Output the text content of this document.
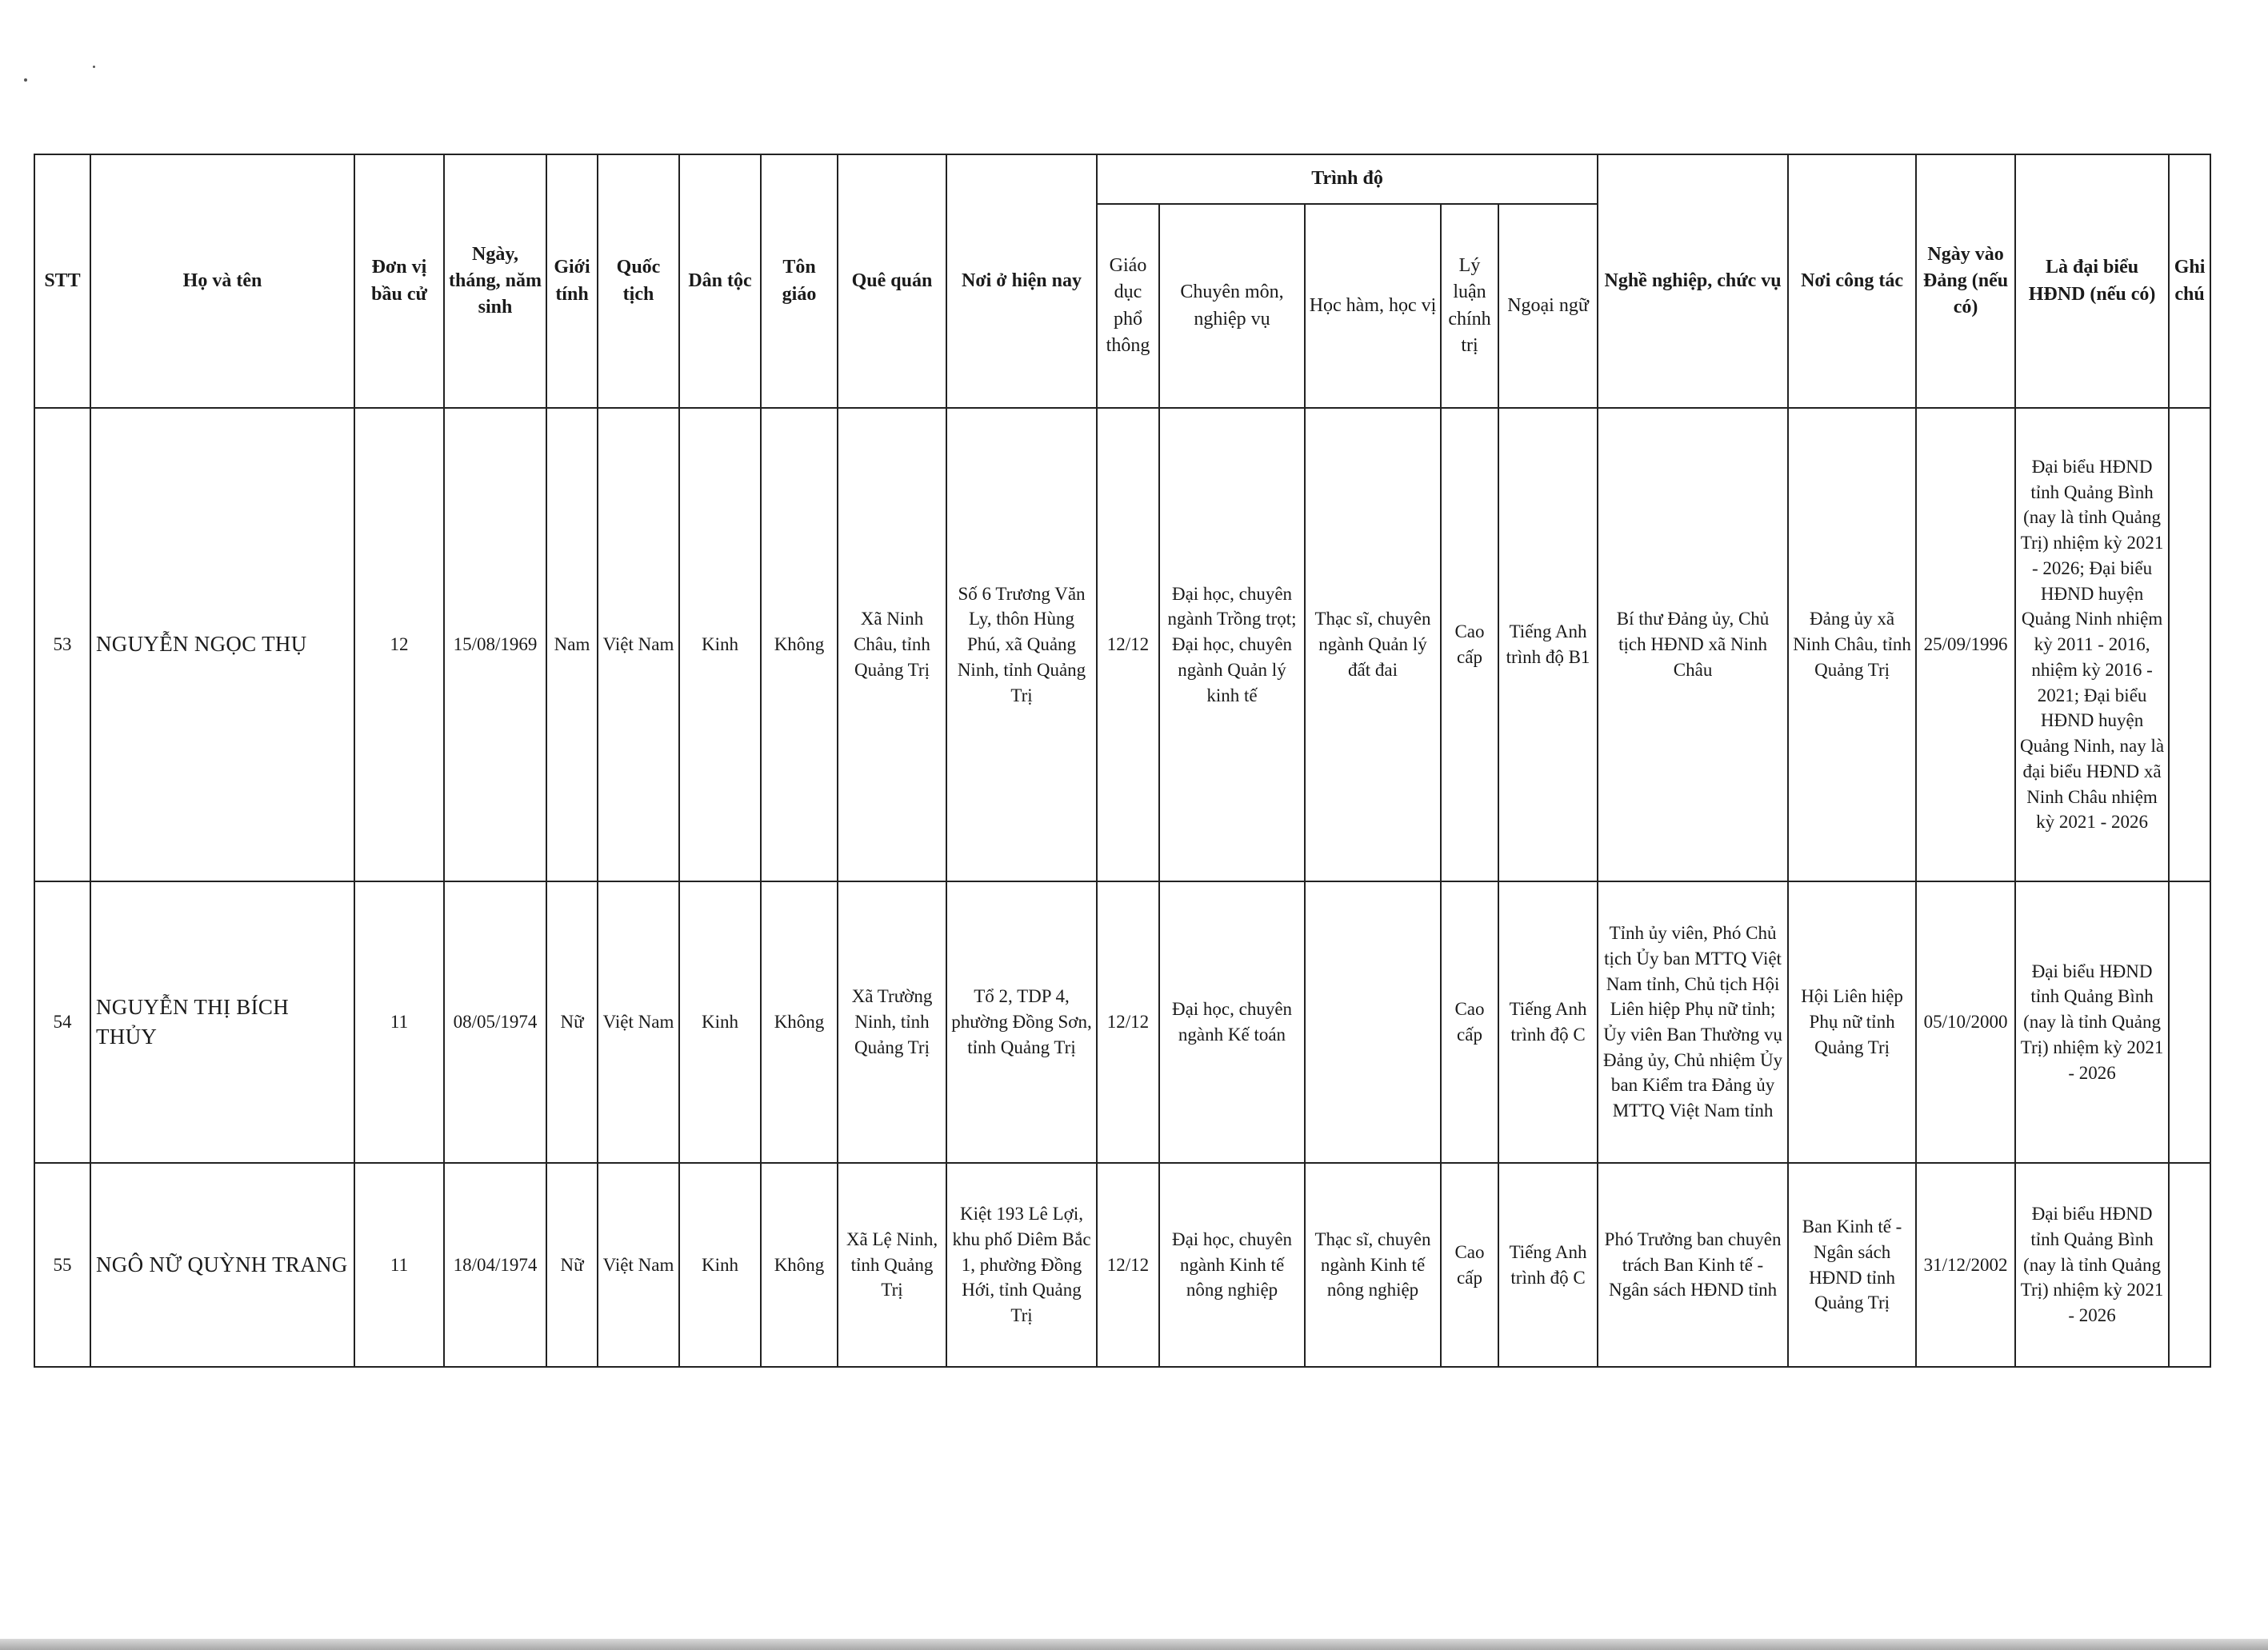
STT	Họ và tên	Đơn vị bầu cử	Ngày, tháng, năm sinh	Giới tính	Quốc tịch	Dân tộc	Tôn giáo	Quê quán	Nơi ở hiện nay	Trình độ					Nghề nghiệp, chức vụ	Nơi công tác	Ngày vào Đảng (nếu có)	Là đại biểu HĐND (nếu có)	Ghi chú
										Giáo dục phổ thông	Chuyên môn, nghiệp vụ	Học hàm, học vị	Lý luận chính trị	Ngoại ngữ					
53	NGUYỄN NGỌC THỤ	12	15/08/1969	Nam	Việt Nam	Kinh	Không	Xã Ninh Châu, tỉnh Quảng Trị	Số 6 Trương Văn Ly, thôn Hùng Phú, xã Quảng Ninh, tỉnh Quảng Trị	12/12	Đại học, chuyên ngành Trồng trọt; Đại học, chuyên ngành Quản lý kinh tế	Thạc sĩ, chuyên ngành Quản lý đất đai	Cao cấp	Tiếng Anh trình độ B1	Bí thư Đảng ủy, Chủ tịch HĐND xã Ninh Châu	Đảng ủy xã Ninh Châu, tỉnh Quảng Trị	25/09/1996	Đại biểu HĐND tỉnh Quảng Bình (nay là tỉnh Quảng Trị) nhiệm kỳ 2021 - 2026; Đại biểu HĐND huyện Quảng Ninh nhiệm kỳ 2011 - 2016, nhiệm kỳ 2016 - 2021; Đại biểu HĐND huyện Quảng Ninh, nay là đại biểu HĐND xã Ninh Châu nhiệm kỳ 2021 - 2026	
54	NGUYỄN THỊ BÍCH THỦY	11	08/05/1974	Nữ	Việt Nam	Kinh	Không	Xã Trường Ninh, tỉnh Quảng Trị	Tổ 2, TDP 4, phường Đồng Sơn, tỉnh Quảng Trị	12/12	Đại học, chuyên ngành Kế toán		Cao cấp	Tiếng Anh trình độ C	Tỉnh ủy viên, Phó Chủ tịch Ủy ban MTTQ Việt Nam tỉnh, Chủ tịch Hội Liên hiệp Phụ nữ tỉnh; Ủy viên Ban Thường vụ Đảng ủy, Chủ nhiệm Ủy ban Kiểm tra Đảng ủy MTTQ Việt Nam tỉnh	Hội Liên hiệp Phụ nữ tỉnh Quảng Trị	05/10/2000	Đại biểu HĐND tỉnh Quảng Bình (nay là tỉnh Quảng Trị) nhiệm kỳ 2021 - 2026	
55	NGÔ NỮ QUỲNH TRANG	11	18/04/1974	Nữ	Việt Nam	Kinh	Không	Xã Lệ Ninh, tỉnh Quảng Trị	Kiệt 193 Lê Lợi, khu phố Diêm Bắc 1, phường Đồng Hới, tỉnh Quảng Trị	12/12	Đại học, chuyên ngành Kinh tế nông nghiệp	Thạc sĩ, chuyên ngành Kinh tế nông nghiệp	Cao cấp	Tiếng Anh trình độ C	Phó Trưởng ban chuyên trách Ban Kinh tế - Ngân sách HĐND tỉnh	Ban Kinh tế - Ngân sách HĐND tỉnh Quảng Trị	31/12/2002	Đại biểu HĐND tỉnh Quảng Bình (nay là tỉnh Quảng Trị) nhiệm kỳ 2021 - 2026	
